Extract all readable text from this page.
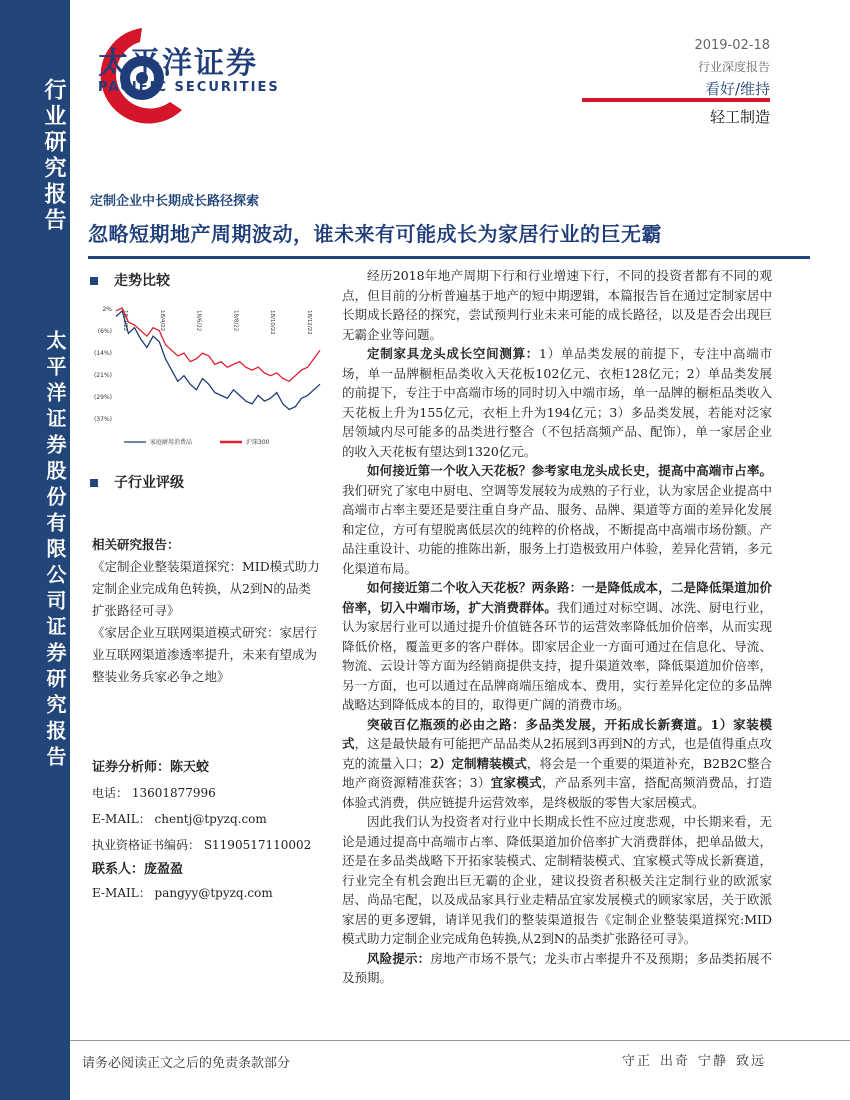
行业研究报告
太平洋证券股份有限公司证券研究报告
太平洋证券
PACIFIC SECURITIES
2019-02-18
行业深度报告
看好/维持
轻工制造
定制企业中长期成长路径探索
忽略短期地产周期波动，谁未来有可能成长为家居行业的巨无霸
走势比较
2%
(6%)
(14%)
(21%)
(29%)
(37%)
18/2/22	18/4/22	18/6/22	18/8/22	18/10/22	18/12/22
家庭耐用消费品	沪深300
子行业评级
相关研究报告：
《定制企业整装渠道探究：MID模式助力定制企业完成角色转换，从2到N的品类扩张路径可寻》
《家居企业互联网渠道模式研究：家居行业互联网渠道渗透率提升，未来有望成为整装业务兵家必争之地》
证券分析师：陈天蛟
电话： 13601877996
E-MAIL： chentj@tpyzq.com
执业资格证书编码： S1190517110002
联系人：庞盈盈
E-MAIL： pangyy@tpyzq.com

经历2018年地产周期下行和行业增速下行，不同的投资者都有不同的观点，但目前的分析普遍基于地产的短中期逻辑，本篇报告旨在通过定制家居中长期成长路径的探究，尝试预判行业未来可能的成长路径，以及是否会出现巨无霸企业等问题。

定制家具龙头成长空间测算：1）单品类发展的前提下，专注中高端市场，单一品牌橱柜品类收入天花板102亿元、衣柜128亿元；2）单品类发展的前提下，专注于中高端市场的同时切入中端市场，单一品牌的橱柜品类收入天花板上升为155亿元，衣柜上升为194亿元；3）多品类发展，若能对泛家居领域内尽可能多的品类进行整合（不包括高频产品、配饰），单一家居企业的收入天花板有望达到1320亿元。

如何接近第一个收入天花板？参考家电龙头成长史，提高中高端市占率。我们研究了家电中厨电、空调等发展较为成熟的子行业，认为家居企业提高中高端市占率主要还是要注重自身产品、服务、品牌、渠道等方面的差异化发展和定位，方可有望脱离低层次的纯粹的价格战，不断提高中高端市场份额。产品注重设计、功能的推陈出新，服务上打造极致用户体验，差异化营销，多元化渠道布局。

如何接近第二个收入天花板？两条路：一是降低成本，二是降低渠道加价倍率，切入中端市场，扩大消费群体。我们通过对标空调、冰洗、厨电行业，认为家居行业可以通过提升价值链各环节的运营效率降低加价倍率，从而实现降低价格，覆盖更多的客户群体。即家居企业一方面可通过在信息化、导流、物流、云设计等方面为经销商提供支持，提升渠道效率，降低渠道加价倍率，另一方面，也可以通过在品牌商端压缩成本、费用，实行差异化定位的多品牌战略达到降低成本的目的，取得更广阔的消费市场。

突破百亿瓶颈的必由之路：多品类发展，开拓成长新赛道。1）家装模式，这是最快最有可能把产品品类从2拓展到3再到N的方式，也是值得重点攻克的流量入口；2）定制精装模式，将会是一个重要的渠道补充，B2B2C整合地产商资源精准获客；3）宜家模式，产品系列丰富，搭配高频消费品，打造体验式消费，供应链提升运营效率，是终极版的零售大家居模式。

因此我们认为投资者对行业中长期成长性不应过度悲观，中长期来看，无论是通过提高中高端市占率、降低渠道加价倍率扩大消费群体，把单品做大，还是在多品类战略下开拓家装模式、定制精装模式、宜家模式等成长新赛道，行业完全有机会跑出巨无霸的企业，建议投资者积极关注定制行业的欧派家居、尚品宅配，以及成品家具行业走精品宜家发展模式的顾家家居，关于欧派家居的更多逻辑，请详见我们的整装渠道报告《定制企业整装渠道探究:MID模式助力定制企业完成角色转换,从2到N的品类扩张路径可寻》。

风险提示：房地产市场不景气；龙头市占率提升不及预期；多品类拓展不及预期。

请务必阅读正文之后的免责条款部分	守正 出奇 宁静 致远
